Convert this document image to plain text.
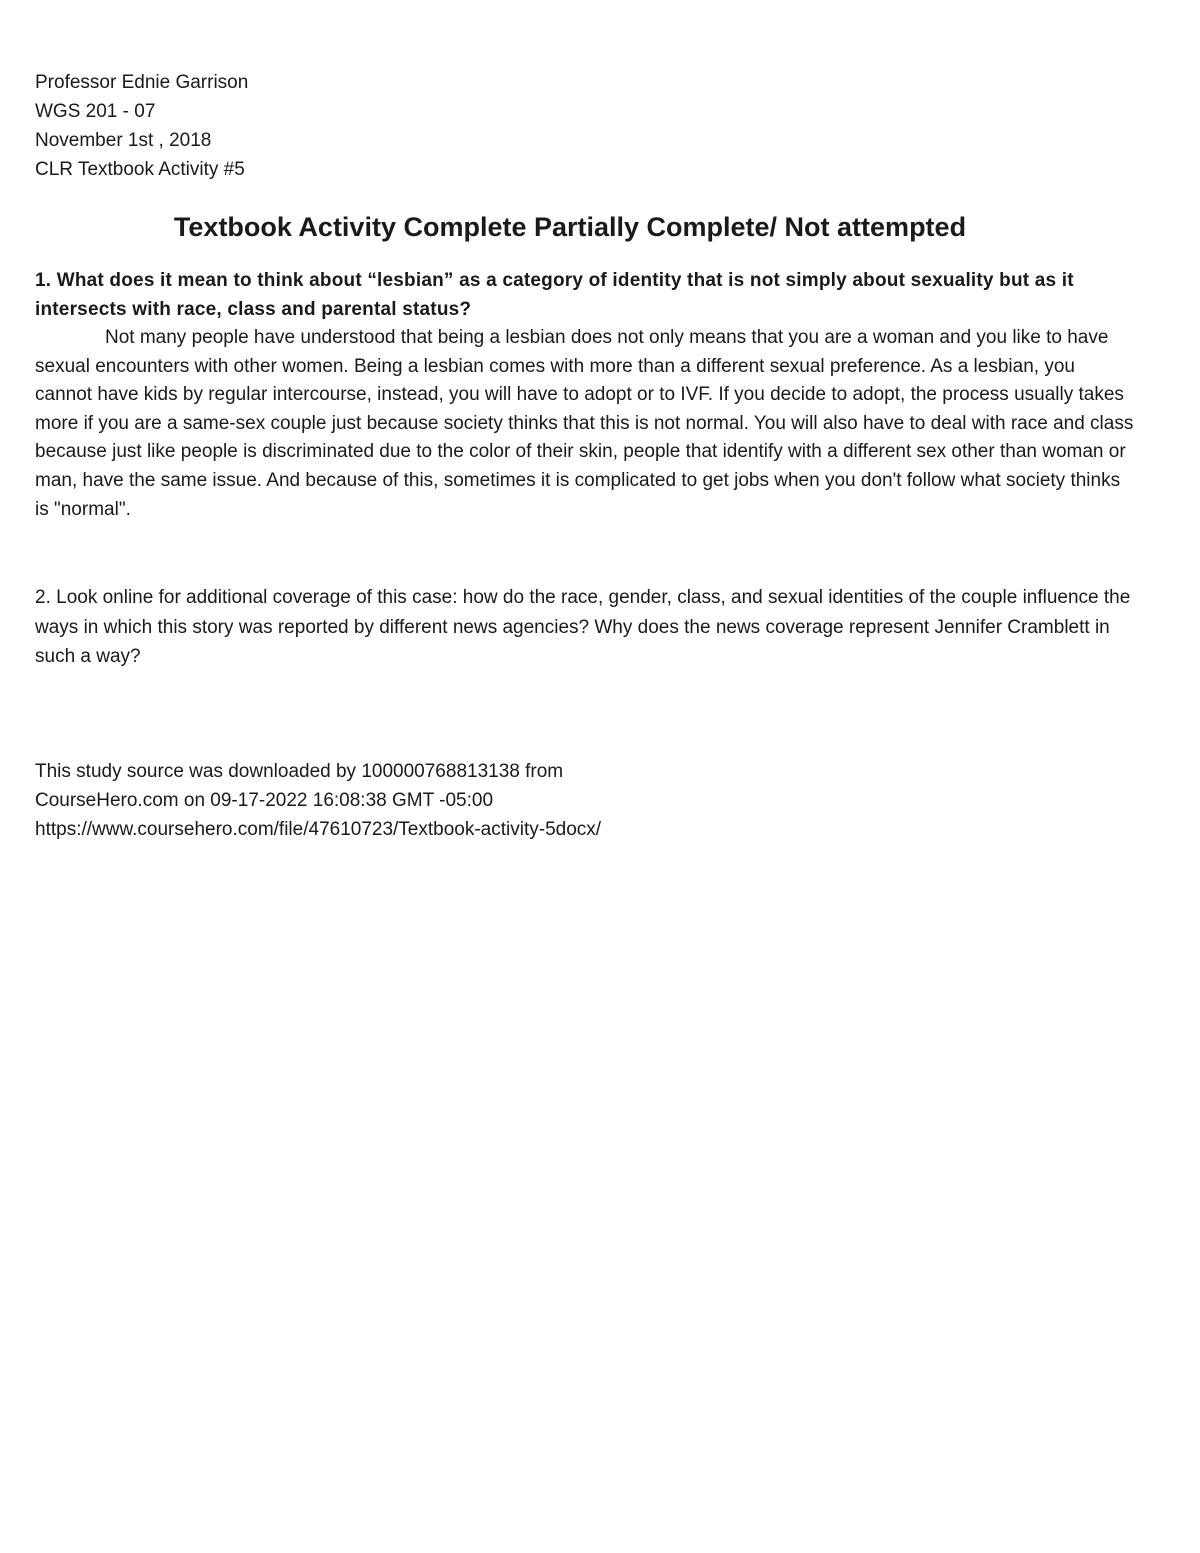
Professor Ednie Garrison

WGS 201 - 07

November 1st , 2018

CLR Textbook Activity #5

Textbook Activity Complete Partially Complete/ Not attempted

1. What does it mean to think about “lesbian” as a category of identity that is not simply about sexuality but as it intersects with race, class and parental status?

Not many people have understood that being a lesbian does not only means that you are a woman and you like to have sexual encounters with other women. Being a lesbian comes with more than a different sexual preference. As a lesbian, you cannot have kids by regular intercourse, instead, you will have to adopt or to IVF. If you decide to adopt, the process usually takes more if you are a same-sex couple just because society thinks that this is not normal. You will also have to deal with race and class because just like people is discriminated due to the color of their skin, people that identify with a different sex other than woman or man, have the same issue. And because of this, sometimes it is complicated to get jobs when you don't follow what society thinks is "normal".

2. Look online for additional coverage of this case: how do the race, gender, class, and sexual identities of the couple influence the ways in which this story was reported by different news agencies? Why does the news coverage represent Jennifer Cramblett in such a way?

This study source was downloaded by 100000768813138 from
CourseHero.com on 09-17-2022 16:08:38 GMT -05:00
https://www.coursehero.com/file/47610723/Textbook-activity-5docx/
